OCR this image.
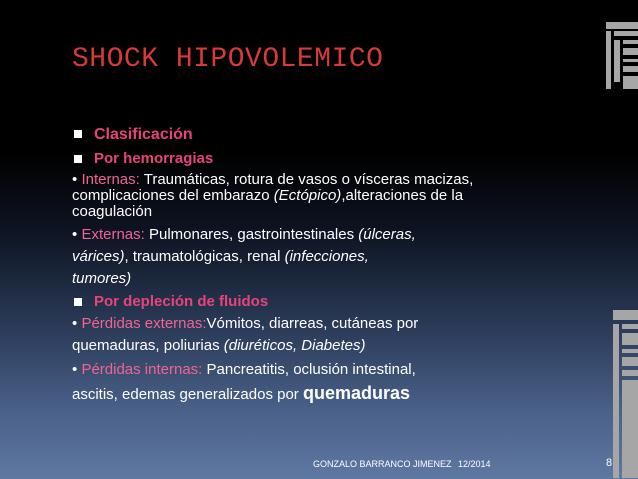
SHOCK HIPOVOLEMICO
Clasificación
Por hemorragias
• Internas: Traumáticas, rotura de vasos o vísceras macizas,
complicaciones del embarazo (Ectópico),alteraciones de la
coagulación
• Externas: Pulmonares, gastrointestinales (úlceras,
várices), traumatológicas, renal (infecciones,
tumores)
Por depleción de fluidos
• Pérdidas externas:Vómitos, diarreas, cutáneas por
quemaduras, poliurias (diuréticos, Diabetes)
• Pérdidas internas: Pancreatitis, oclusión intestinal,
ascitis, edemas generalizados por quemaduras
GONZALO BARRANCO JIMENEZ 12/2014	8
